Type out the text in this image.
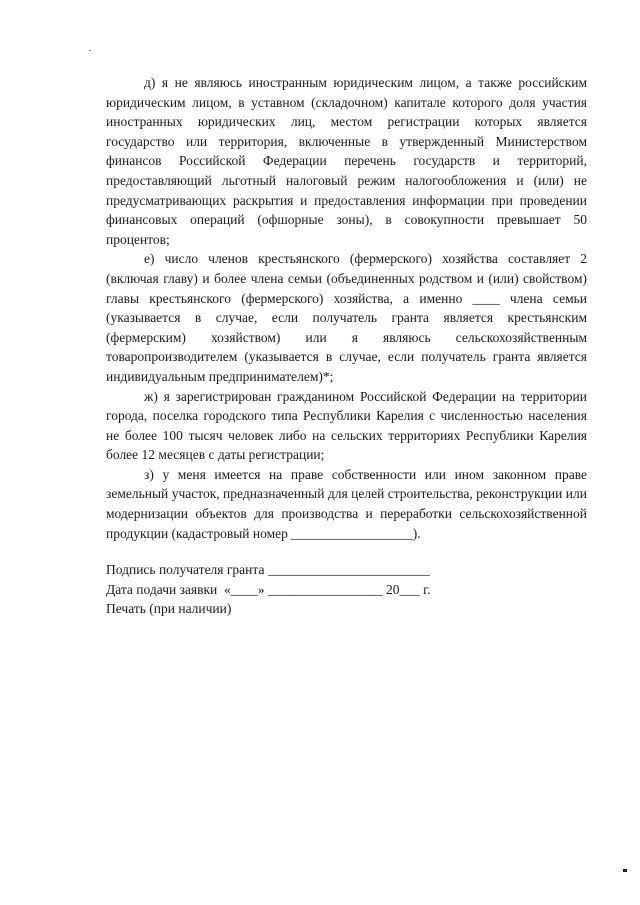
д) я не являюсь иностранным юридическим лицом, а также российским юридическим лицом, в уставном (складочном) капитале которого доля участия иностранных юридических лиц, местом регистрации которых является государство или территория, включенные в утвержденный Министерством финансов Российской Федерации перечень государств и территорий, предоставляющий льготный налоговый режим налогообложения и (или) не предусматривающих раскрытия и предоставления информации при проведении финансовых операций (офшорные зоны), в совокупности превышает 50 процентов;

е) число членов крестьянского (фермерского) хозяйства составляет 2 (включая главу) и более члена семьи (объединенных родством и (или) свойством) главы крестьянского (фермерского) хозяйства, а именно ____ члена семьи (указывается в случае, если получатель гранта является крестьянским (фермерским) хозяйством) или я являюсь сельскохозяйственным товаропроизводителем (указывается в случае, если получатель гранта является индивидуальным предпринимателем)*;

ж) я зарегистрирован гражданином Российской Федерации на территории города, поселка городского типа Республики Карелия с численностью населения не более 100 тысяч человек либо на сельских территориях Республики Карелия более 12 месяцев с даты регистрации;

з) у меня имеется на праве собственности или ином законном праве земельный участок, предназначенный для целей строительства, реконструкции или модернизации объектов для производства и переработки сельскохозяйственной продукции (кадастровый номер __________________).

Подпись получателя гранта ________________________

Дата подачи заявки  «____» _________________ 20___ г.

Печать (при наличии)
